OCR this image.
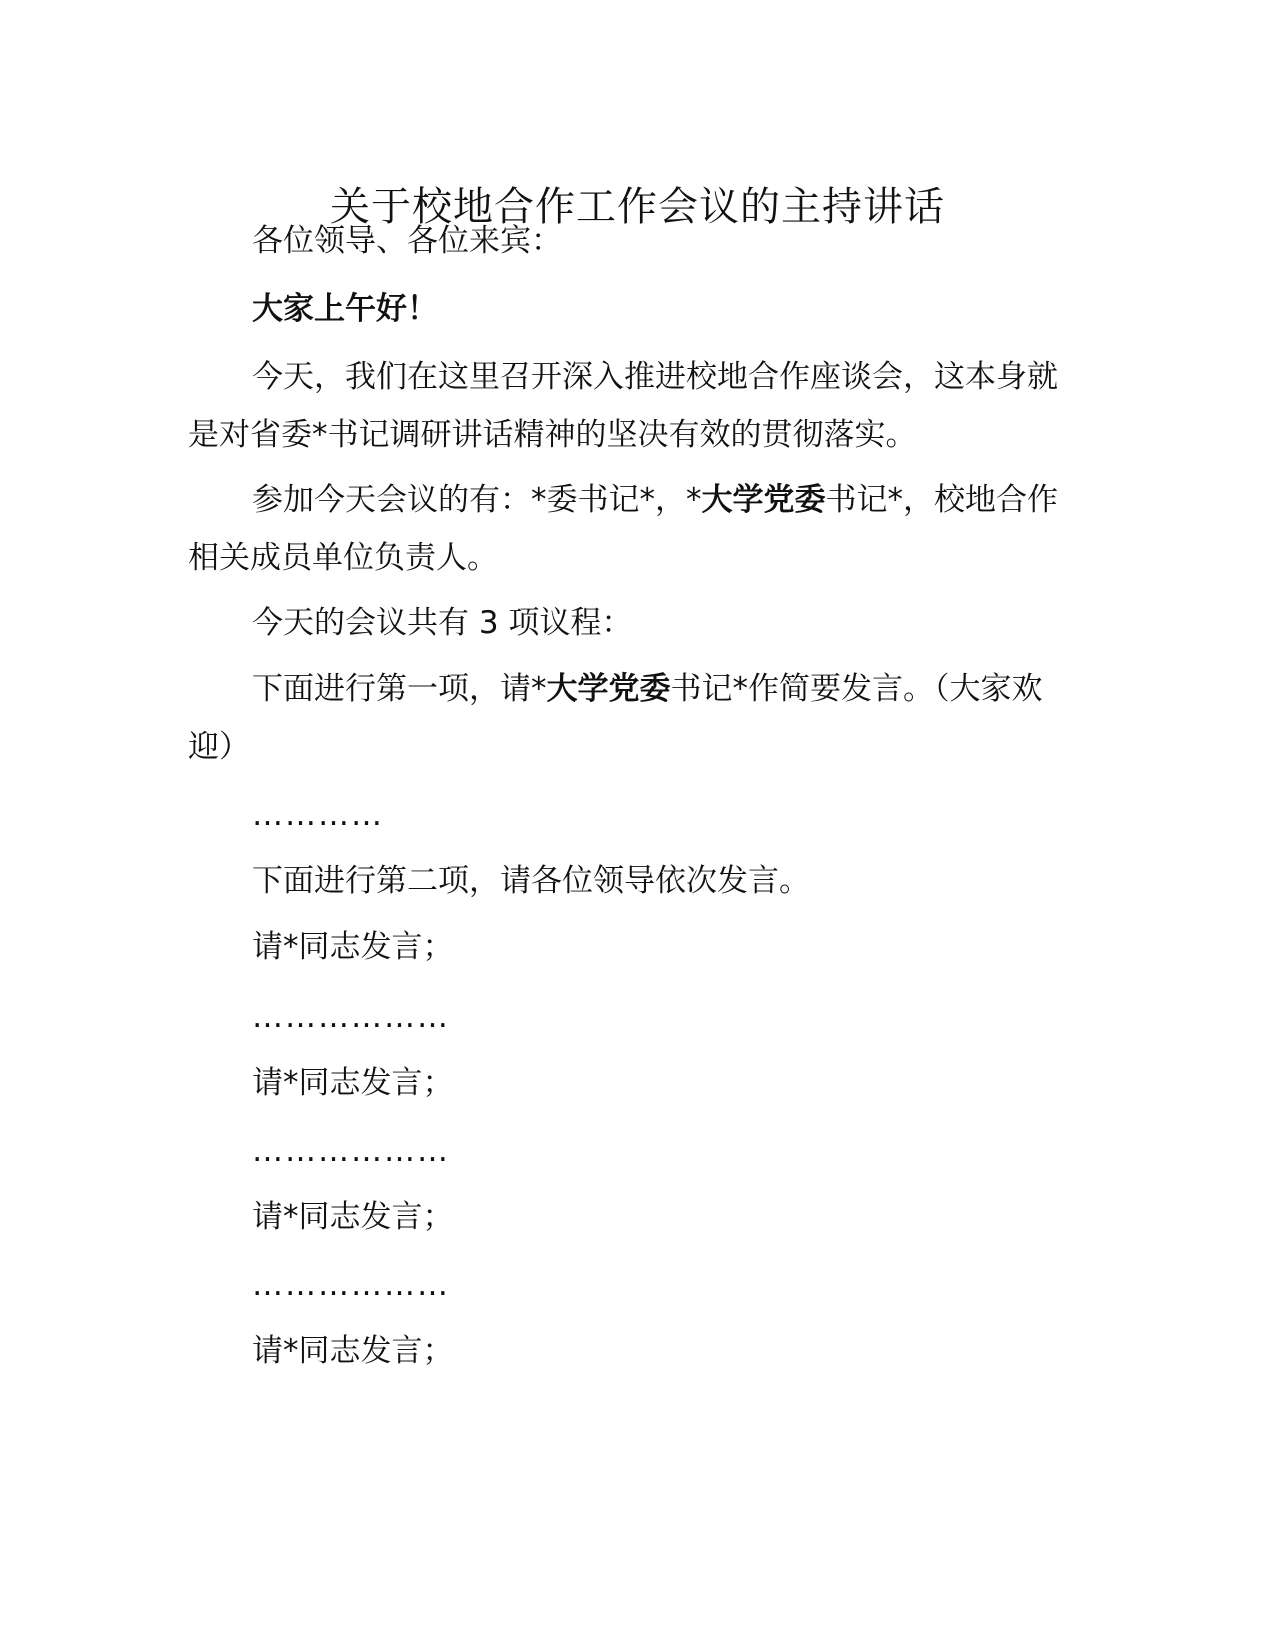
关于校地合作工作会议的主持讲话

各位领导、各位来宾：

大家上午好！

今天，我们在这里召开深入推进校地合作座谈会，这本身就是对省委*书记调研讲话精神的坚决有效的贯彻落实。

参加今天会议的有：*委书记*，*大学党委书记*，校地合作相关成员单位负责人。

今天的会议共有 3 项议程：

下面进行第一项，请*大学党委书记*作简要发言。（大家欢迎）

…………

下面进行第二项，请各位领导依次发言。

请*同志发言；

………………

请*同志发言；

………………

请*同志发言；

………………

请*同志发言；
